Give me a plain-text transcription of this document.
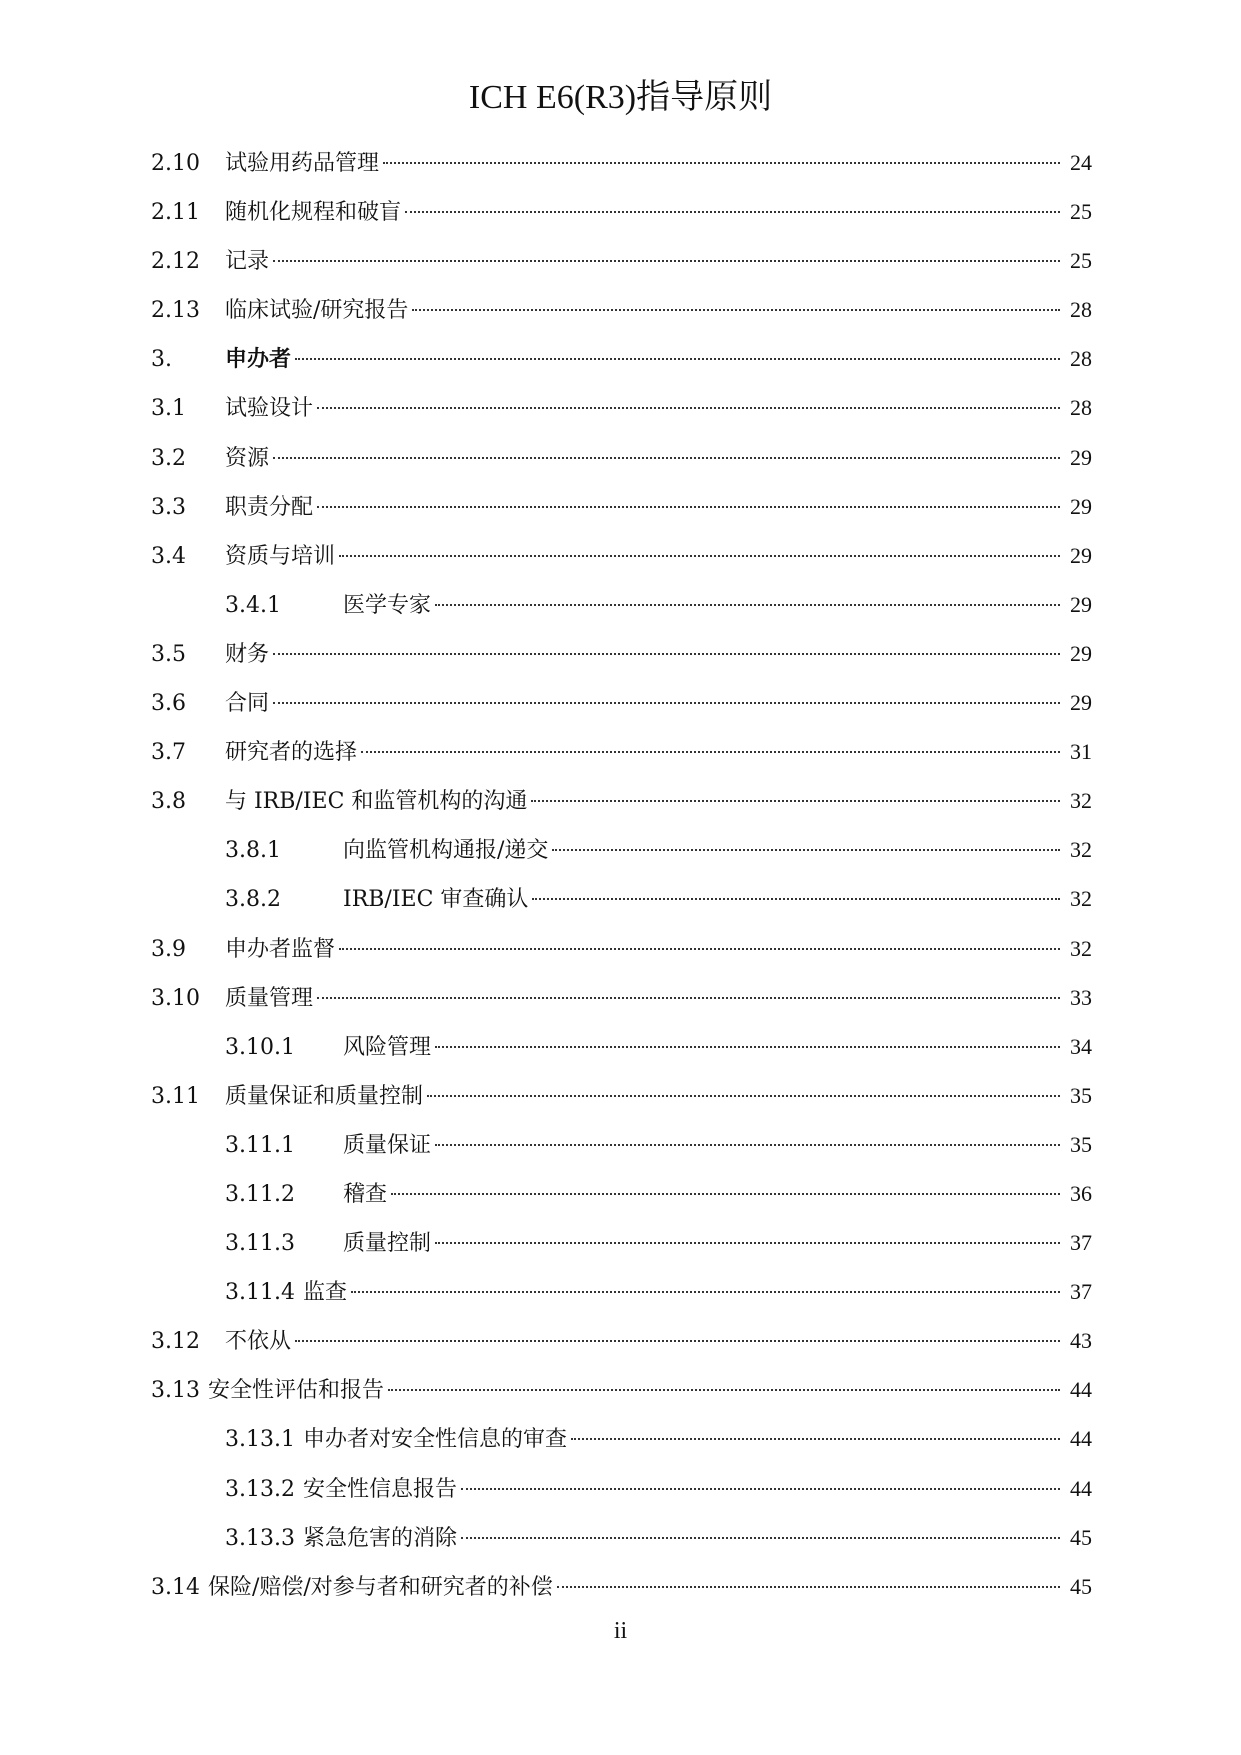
ICH E6(R3)指导原则
2.10	试验用药品管理	24
2.11	随机化规程和破盲	25
2.12	记录	25
2.13	临床试验/研究报告	28
3.	申办者	28
3.1	试验设计	28
3.2	资源	29
3.3	职责分配	29
3.4	资质与培训	29
3.4.1	医学专家	29
3.5	财务	29
3.6	合同	29
3.7	研究者的选择	31
3.8	与 IRB/IEC 和监管机构的沟通	32
3.8.1	向监管机构通报/递交	32
3.8.2	IRB/IEC 审查确认	32
3.9	申办者监督	32
3.10	质量管理	33
3.10.1	风险管理	34
3.11	质量保证和质量控制	35
3.11.1	质量保证	35
3.11.2	稽查	36
3.11.3	质量控制	37
3.11.4 监查	37
3.12	不依从	43
3.13 安全性评估和报告	44
3.13.1 申办者对安全性信息的审查	44
3.13.2 安全性信息报告	44
3.13.3 紧急危害的消除	45
3.14 保险/赔偿/对参与者和研究者的补偿	45
ii
